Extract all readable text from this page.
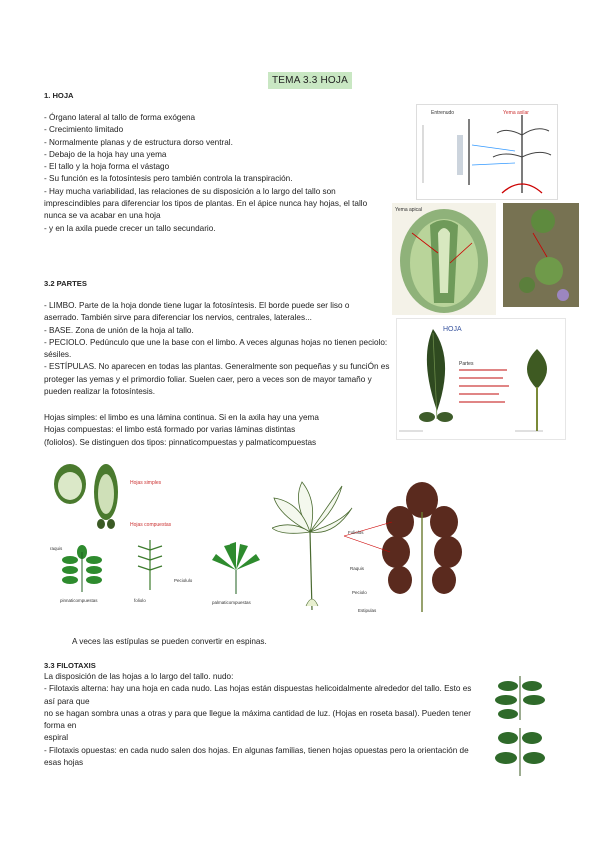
TEMA 3.3 HOJA
1. HOJA

- Órgano lateral al tallo de forma exógena

- Crecimiento limitado

- Normalmente planas y de estructura dorso ventral.

- Debajo de la hoja hay una yema

- El tallo y la hoja forma el vástago

- Su función es la fotosíntesis pero también controla la transpiración.

- Hay mucha variabilidad, las relaciones de su disposición a lo largo del tallo son

imprescindibles para diferenciar los tipos de plantas. En el ápice nunca hay hojas, el tallo

nunca se va acabar en una hoja

- y en la axila puede crecer un tallo secundario.

Entrenudo	Yema axilar
Yema apical
3.2 PARTES

- LIMBO. Parte de la hoja donde tiene lugar la fotosíntesis. El borde puede ser liso o

aserrado. También sirve para diferenciar los nervios, centrales, laterales...

- BASE. Zona de unión de la hoja al tallo.

- PECIOLO. Pedúnculo que une la base con el limbo. A veces algunas hojas no tienen peciolo:

sésiles.

- ESTÍPULAS. No aparecen en todas las plantas. Generalmente son pequeñas y su funciÓn es

proteger las yemas y el primordio foliar. Suelen caer, pero a veces son de mayor tamaño y

pueden realizar la fotosíntesis.

Hojas simples: el limbo es una lámina continua. Si en la axila hay una yema

Hojas compuestas: el limbo está formado por varias láminas distintas

(foliolos). Se distinguen dos tipos: pinnaticompuestas y palmaticompuestas

HOJA
Partes
Hojas simples
Hojas compuestas
pinnaticompuestas
raquis
foliolo	palmaticompuestas
Peciolulo
Foliolos
Raquis
Peciolo
Estipulas
A veces las estípulas se pueden convertir en espinas.
3.3 FILOTAXIS

La disposición de las hojas a lo largo del tallo. nudo:

- Filotaxis alterna: hay una hoja en cada nudo. Las hojas están dispuestas helicoidalmente alrededor del tallo. Esto es

así para que

no se hagan sombra unas a otras y para que llegue la máxima cantidad de luz. (Hojas en roseta basal). Pueden tener

forma en

espiral

- Filotaxis opuestas: en cada nudo salen dos hojas. En algunas familias, tienen hojas opuestas pero la orientación de

esas hojas
